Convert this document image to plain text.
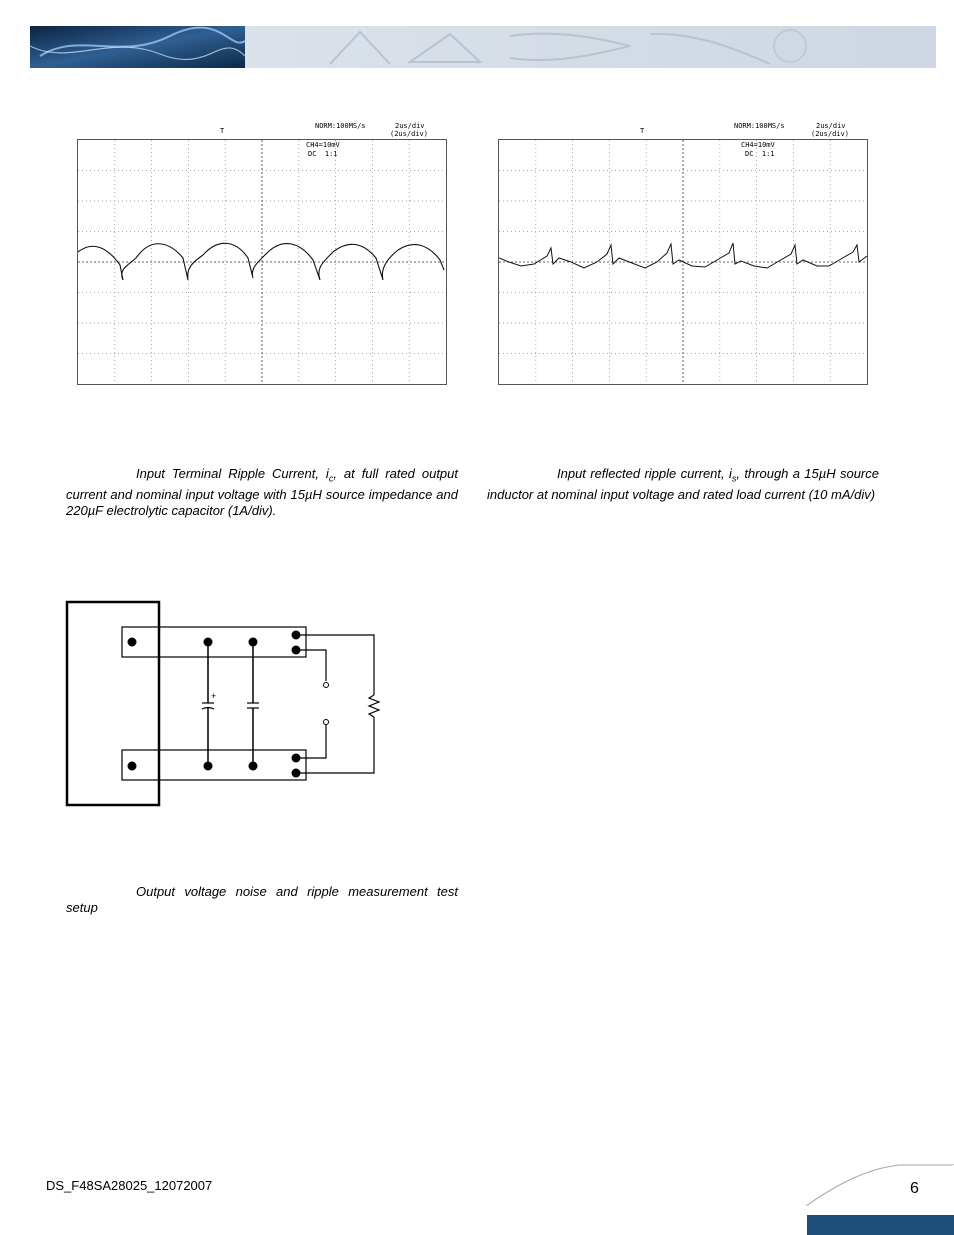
NORM:100MS/s	2us/div
(2us/div)
T
CH4=10mV
DC  1:1
NORM:100MS/s	2us/div
(2us/div)
T
CH4=10mV
DC  1:1
Input Terminal Ripple Current, $i_c$, at full rated output current and nominal input voltage with 15µH source impedance and 220µF electrolytic capacitor (1A/div).
Input reflected ripple current, $i_s$, through a 15µH source inductor at nominal input voltage and rated load current (10 mA/div)
+
Output voltage noise and ripple measurement test setup
DS_F48SA28025_12072007	6
